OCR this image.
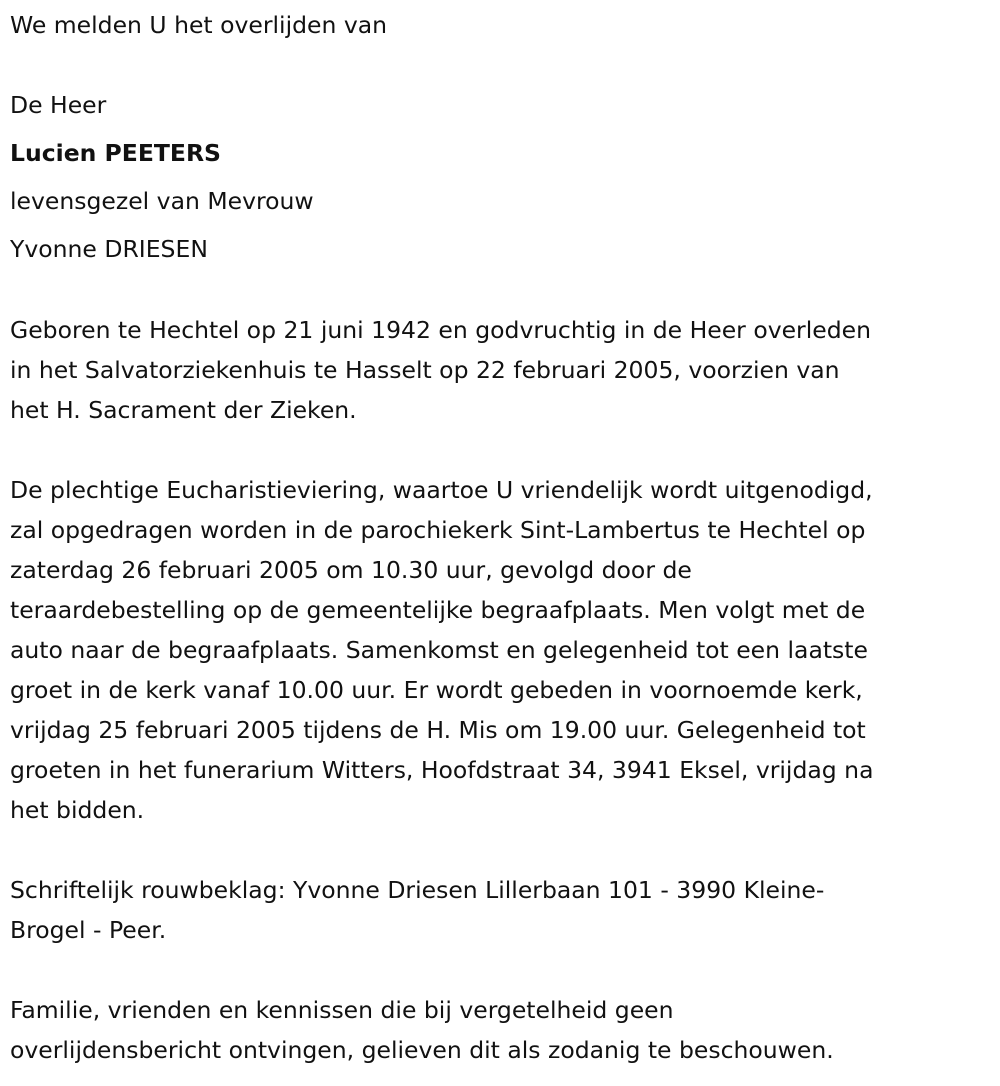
We melden U het overlijden van
De Heer
Lucien PEETERS
levensgezel van Mevrouw
Yvonne DRIESEN
Geboren te Hechtel op 21 juni 1942 en godvruchtig in de Heer overleden
in het Salvatorziekenhuis te Hasselt op 22 februari 2005, voorzien van
het H. Sacrament der Zieken.
De plechtige Eucharistieviering, waartoe U vriendelijk wordt uitgenodigd,
zal opgedragen worden in de parochiekerk Sint-Lambertus te Hechtel op
zaterdag 26 februari 2005 om 10.30 uur, gevolgd door de
teraardebestelling op de gemeentelijke begraafplaats. Men volgt met de
auto naar de begraafplaats. Samenkomst en gelegenheid tot een laatste
groet in de kerk vanaf 10.00 uur. Er wordt gebeden in voornoemde kerk,
vrijdag 25 februari 2005 tijdens de H. Mis om 19.00 uur. Gelegenheid tot
groeten in het funerarium Witters, Hoofdstraat 34, 3941 Eksel, vrijdag na
het bidden.
Schriftelijk rouwbeklag: Yvonne Driesen Lillerbaan 101 - 3990 Kleine-
Brogel - Peer.
Familie, vrienden en kennissen die bij vergetelheid geen
overlijdensbericht ontvingen, gelieven dit als zodanig te beschouwen.
